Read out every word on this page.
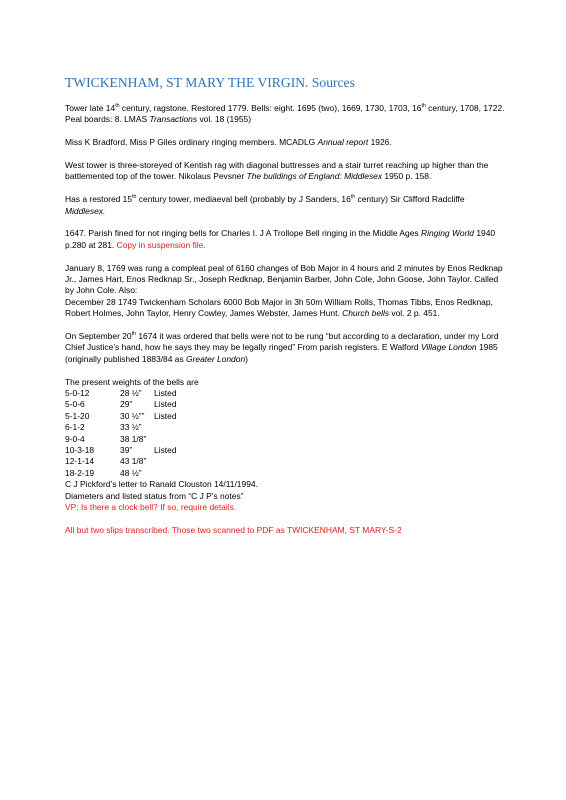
TWICKENHAM, ST MARY THE VIRGIN. Sources

Tower late 14th century, ragstone. Restored 1779. Bells: eight. 1695 (two), 1669, 1730, 1703, 16th century, 1708, 1722. Peal boards: 8. LMAS Transactions vol. 18 (1955)

Miss K Bradford, Miss P Giles ordinary ringing members. MCADLG Annual report 1926.

West tower is three-storeyed of Kentish rag with diagonal buttresses and a stair turret reaching up higher than the battlemented top of the tower. Nikolaus Pevsner The buildings of England: Middlesex 1950 p. 158.

Has a restored 15th century tower, mediaeval bell (probably by J Sanders, 16th century) Sir Clifford Radcliffe Middlesex.

1647. Parish fined for not ringing bells for Charles I. J A Trollope Bell ringing in the Middle Ages Ringing World 1940 p.280 at 281. Copy in suspension file.

January 8, 1769 was rung a compleat peal of 6160 changes of Bob Major in 4 hours and 2 minutes by Enos Redknap Jr., James Hart, Enos Redknap Sr., Joseph Redknap, Benjamin Barber, John Cole, John Goose, John Taylor. Called by John Cole. Also:
December 28 1749 Twickenham Scholars 6000 Bob Major in 3h 50m William Rolls, Thomas Tibbs, Enos Redknap, Robert Holmes, John Taylor, Henry Cowley, James Webster, James Hunt. Church bells vol. 2 p. 451.

On September 20th 1674 it was ordered that bells were not to be rung “but according to a declaration, under my Lord Chief Justice’s hand, how he says they may be legally ringed” From parish registers. E Walford Village London 1985 (originally published 1883/84 as Greater London)

The present weights of the bells are
5-0-12	28 ½”	Listed
5-0-6	29”	Listed
5-1-20	30 ½””	Listed
6-1-2	33 ½”	
9-0-4	38 1/8”	
10-3-18	39”	Listed
12-1-14	43 1/8”	
18-2-19	48 ½”	
C J Pickford’s letter to Ranald Clouston 14/11/1994.
Diameters and listed status from “C J P’s notes”
VP: Is there a clock bell? If so, require details.
All but two slips transcribed. Those two scanned to PDF as TWICKENHAM, ST MARY-S-2
